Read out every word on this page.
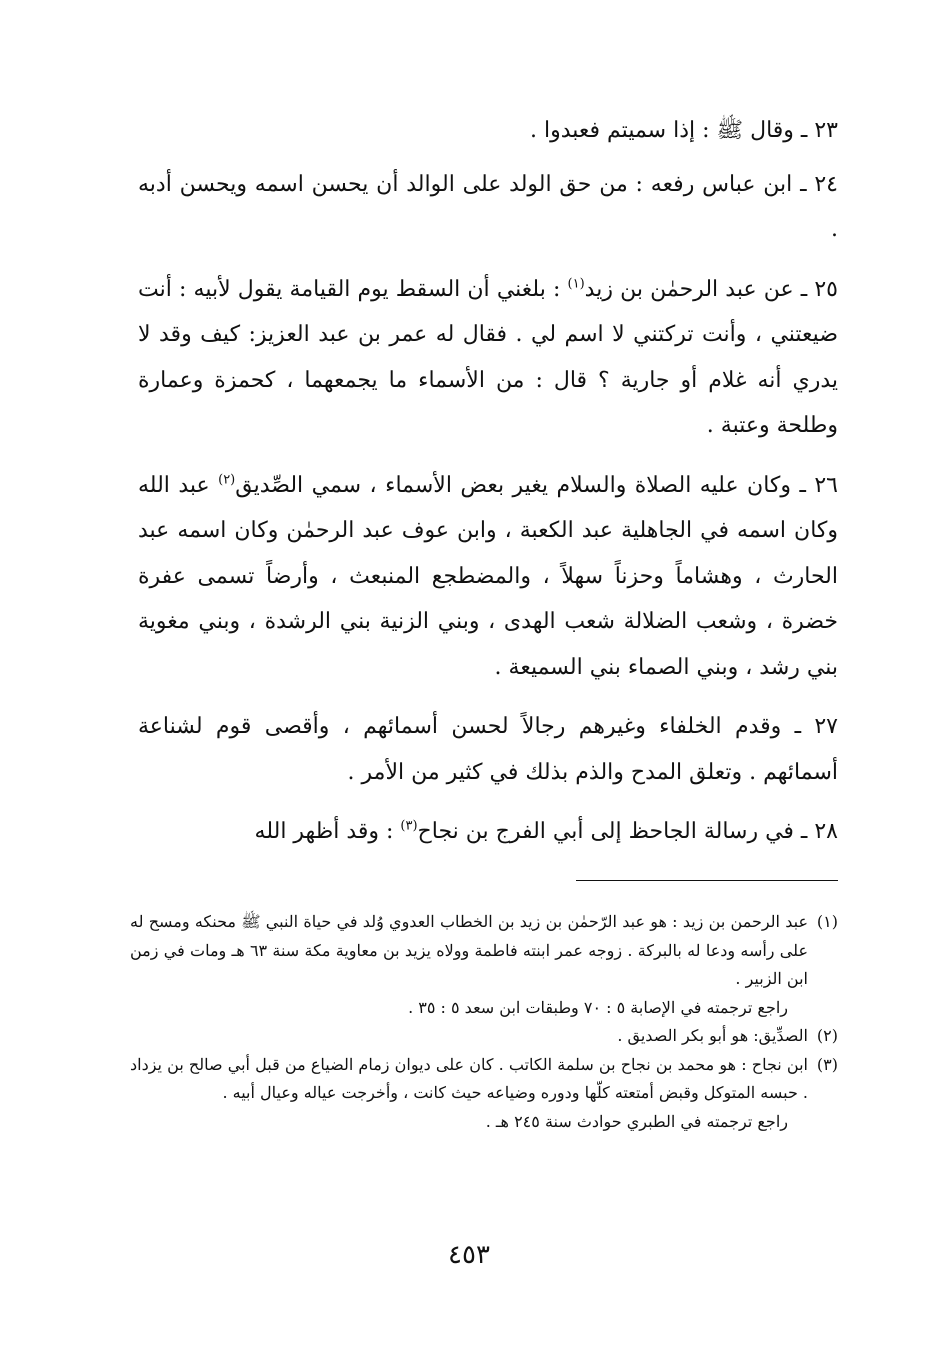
٢٣ ـ وقال ﷺ : إذا سميتم فعبدوا .

٢٤ ـ ابن عباس رفعه : من حق الولد على الوالد أن يحسن اسمه ويحسن أدبه .

٢٥ ـ عن عبد الرحمٰن بن زيد$^{(١)}$ : بلغني أن السقط يوم القيامة يقول لأبيه : أنت ضيعتني ، وأنت تركتني لا اسم لي . فقال له عمر بن عبد العزيز: كيف وقد لا يدري أنه غلام أو جارية ؟ قال : من الأسماء ما يجمعهما ، كحمزة وعمارة وطلحة وعتبة .

٢٦ ـ وكان عليه الصلاة والسلام يغير بعض الأسماء ، سمي الصِّديق$^{(٢)}$ عبد الله وكان اسمه في الجاهلية عبد الكعبة ، وابن عوف عبد الرحمٰن وكان اسمه عبد الحارث ، وهشاماً وحزناً سهلاً ، والمضطجع المنبعث ، وأرضاً تسمى عفرة خضرة ، وشعب الضلالة شعب الهدى ، وبني الزنية بني الرشدة ، وبني مغوية بني رشد ، وبني الصماء بني السميعة .

٢٧ ـ وقدم الخلفاء وغيرهم رجالاً لحسن أسمائهم ، وأقصى قوم لشناعة أسمائهم . وتعلق المدح والذم بذلك في كثير من الأمر .

٢٨ ـ في رسالة الجاحظ إلى أبي الفرج بن نجاح$^{(٣)}$ : وقد أظهر الله

(١)
عبد الرحمن بن زيد : هو عبد الرّحمٰن بن زيد بن الخطاب العدوي وُلد في حياة النبي ﷺ محنكه ومسح له على رأسه ودعا له بالبركة . زوجه عمر ابنته فاطمة وولاه يزيد بن معاوية مكة سنة ٦٣ هـ ومات في زمن ابن الزبير .

راجع ترجمته في الإصابة ٥ : ٧٠ وطبقات ابن سعد ٥ : ٣٥ .

(٢)
الصدِّيق: هو أبو بكر الصديق .
(٣)
ابن نجاح : هو محمد بن نجاح بن سلمة الكاتب . كان على ديوان زمام الضياع من قبل أبي صالح بن يزداد . حبسه المتوكل وقبض أمتعته كلّها ودوره وضياعه حيث كانت ، وأخرجت عياله وعيال أبيه .

راجع ترجمته في الطبري حوادث سنة ٢٤٥ هـ .

٤٥٣
